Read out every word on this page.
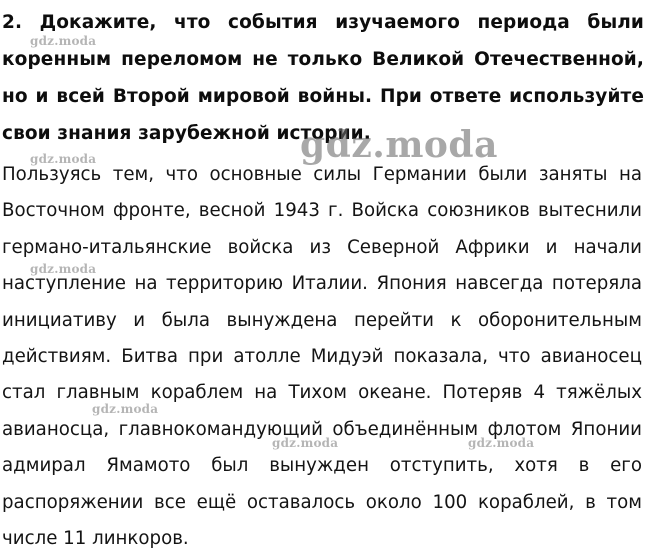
2. Докажите, что события изучаемого периода были коренным переломом не только Великой Отечественной, но и всей Второй мировой войны. При ответе используйте свои знания зарубежной истории.
Пользуясь тем, что основные силы Германии были заняты на Восточном фронте, весной 1943 г. Войска союзников вытеснили германо-итальянские войска из Северной Африки и начали наступление на территорию Италии. Япония навсегда потеряла инициативу и была вынуждена перейти к оборонительным действиям. Битва при атолле Мидуэй показала, что авианосец стал главным кораблем на Тихом океане. Потеряв 4 тяжёлых авианосца, главнокомандующий объединённым флотом Японии адмирал Ямамото был вынужден отступить, хотя в его распоряжении все ещё оставалось около 100 кораблей, в том числе 11 линкоров.
gdz.moda
gdz.moda
gdz.moda
gdz.moda
gdz.moda
gdz.moda	gdz.moda
